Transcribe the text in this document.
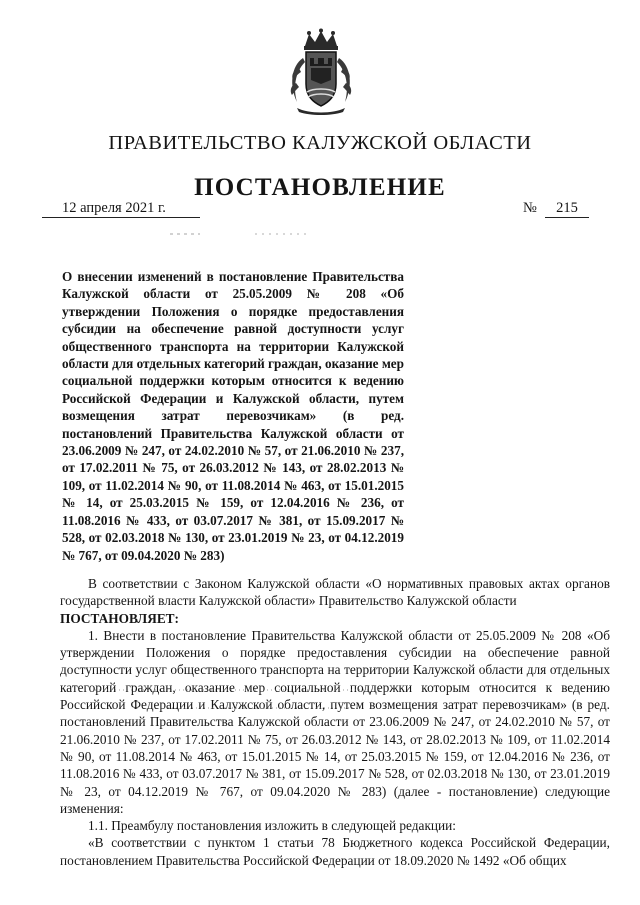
ПРАВИТЕЛЬСТВО КАЛУЖСКОЙ ОБЛАСТИ
ПОСТАНОВЛЕНИЕ
12 апреля 2021 г.	№	215
О внесении изменений в постановление Правительства Калужской области от 25.05.2009 № 208 «Об утверждении Положения о порядке предоставления субсидии на обеспечение равной доступности услуг общественного транспорта на территории Калужской области для отдельных категорий граждан, оказание мер социальной поддержки которым относится к ведению Российской Федерации и Калужской области, путем возмещения затрат перевозчикам» (в ред. постановлений Правительства Калужской области от 23.06.2009 № 247, от 24.02.2010 № 57, от 21.06.2010 № 237, от 17.02.2011 № 75, от 26.03.2012 № 143, от 28.02.2013 № 109, от 11.02.2014 № 90, от 11.08.2014 № 463, от 15.01.2015 № 14, от 25.03.2015 № 159, от 12.04.2016 № 236, от 11.08.2016 № 433, от 03.07.2017 № 381, от 15.09.2017 № 528, от 02.03.2018 № 130, от 23.01.2019 № 23, от 04.12.2019 № 767, от 09.04.2020 № 283)

В соответствии с Законом Калужской области «О нормативных правовых актах органов государственной власти Калужской области» Правительство Калужской области

ПОСТАНОВЛЯЕТ:

1. Внести в постановление Правительства Калужской области от 25.05.2009 № 208 «Об утверждении Положения о порядке предоставления субсидии на обеспечение равной доступности услуг общественного транспорта на территории Калужской области для отдельных категорий граждан, оказание мер социальной поддержки которым относится к ведению Российской Федерации и Калужской области, путем возмещения затрат перевозчикам» (в ред. постановлений Правительства Калужской области от 23.06.2009 № 247, от 24.02.2010 № 57, от 21.06.2010 № 237, от 17.02.2011 № 75, от 26.03.2012 № 143, от 28.02.2013 № 109, от 11.02.2014 № 90, от 11.08.2014 № 463, от 15.01.2015 № 14, от 25.03.2015 № 159, от 12.04.2016 № 236, от 11.08.2016 № 433, от 03.07.2017 № 381, от 15.09.2017 № 528, от 02.03.2018 № 130, от 23.01.2019 № 23, от 04.12.2019 № 767, от 09.04.2020 № 283) (далее - постановление) следующие изменения:

1.1. Преамбулу постановления изложить в следующей редакции:

«В соответствии с пунктом 1 статьи 78 Бюджетного кодекса Российской Федерации, постановлением Правительства Российской Федерации от 18.09.2020 № 1492 «Об общих
